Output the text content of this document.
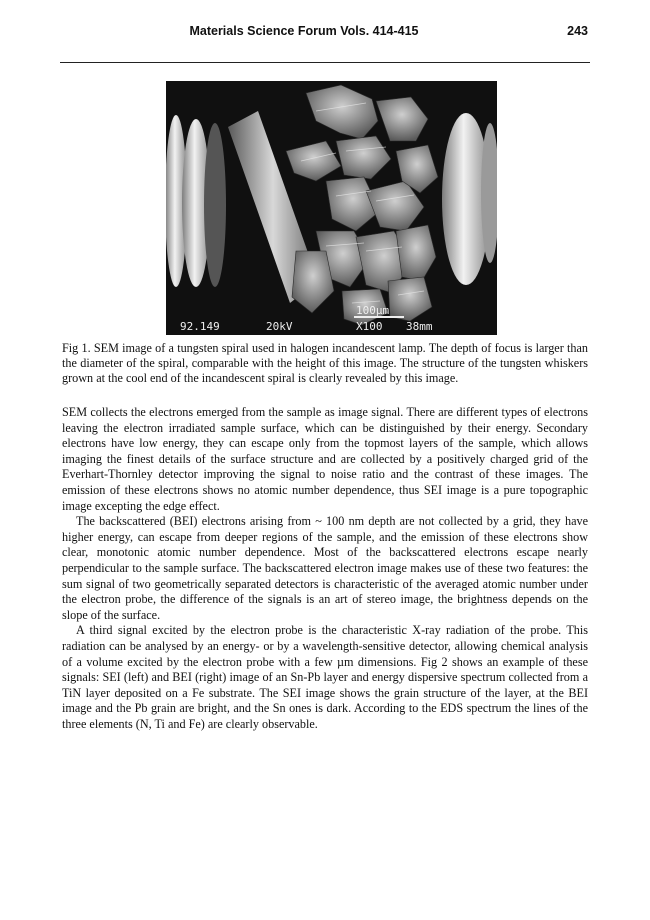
Materials Science Forum Vols. 414-415	243
92.149	20kV
100µm
X100 38mm
Fig 1. SEM image of a tungsten spiral used in halogen incandescent lamp. The depth of focus is larger than the diameter of the spiral, comparable with the height of this image. The structure of the tungsten whiskers grown at the cool end of the incandescent spiral is clearly revealed by this image.

SEM collects the electrons emerged from the sample as image signal. There are different types of electrons leaving the electron irradiated sample surface, which can be distinguished by their energy. Secondary electrons have low energy, they can escape only from the topmost layers of the sample, which allows imaging the finest details of the surface structure and are collected by a positively charged grid of the Everhart-Thornley detector improving the signal to noise ratio and the contrast of these images. The emission of these electrons shows no atomic number dependence, thus SEI image is a pure topographic image excepting the edge effect.

The backscattered (BEI) electrons arising from ~ 100 nm depth are not collected by a grid, they have higher energy, can escape from deeper regions of the sample, and the emission of these electrons show clear, monotonic atomic number dependence. Most of the backscattered electrons escape nearly perpendicular to the sample surface. The backscattered electron image makes use of these two features: the sum signal of two geometrically separated detectors is characteristic of the averaged atomic number under the electron probe, the difference of the signals is an art of stereo image, the brightness depends on the slope of the surface.

A third signal excited by the electron probe is the characteristic X-ray radiation of the probe. This radiation can be analysed by an energy- or by a wavelength-sensitive detector, allowing chemical analysis of a volume excited by the electron probe with a few µm dimensions. Fig 2 shows an example of these signals: SEI (left) and BEI (right) image of an Sn-Pb layer and energy dispersive spectrum collected from a TiN layer deposited on a Fe substrate. The SEI image shows the grain structure of the layer, at the BEI image and the Pb grain are bright, and the Sn ones is dark. According to the EDS spectrum the lines of the three elements (N, Ti and Fe) are clearly observable.
